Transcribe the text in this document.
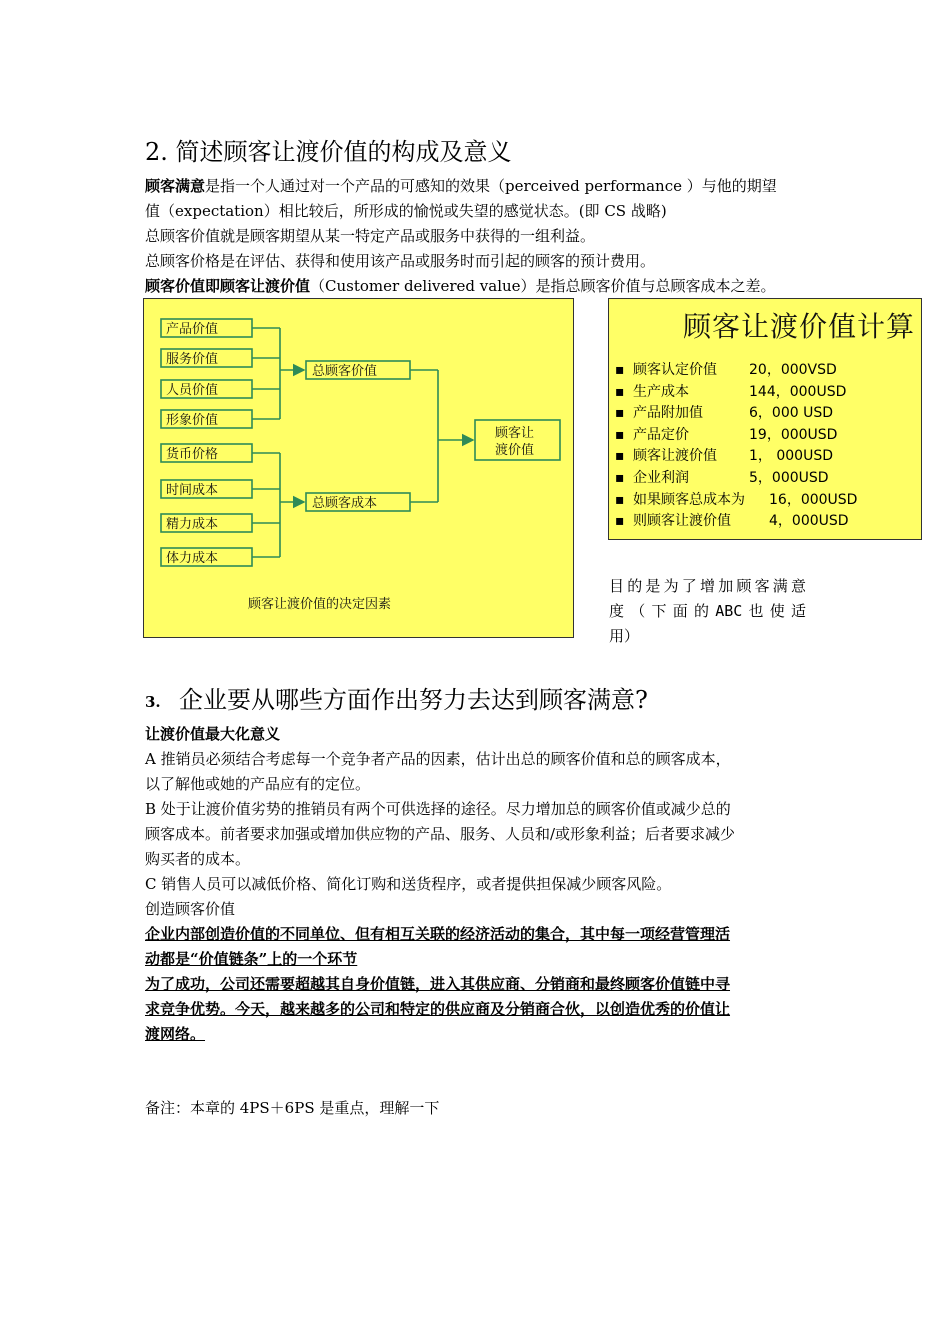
2. 简述顾客让渡价值的构成及意义
顾客满意是指一个人通过对一个产品的可感知的效果（perceived performance ）与他的期望
值（expectation）相比较后，所形成的愉悦或失望的感觉状态。(即 CS 战略)
总顾客价值就是顾客期望从某一特定产品或服务中获得的一组利益。
总顾客价格是在评估、获得和使用该产品或服务时而引起的顾客的预计费用。
顾客价值即顾客让渡价值（Customer delivered value）是指总顾客价值与总顾客成本之差。
产品价值
服务价值
人员价值
形象价值
货币价格
时间成本
精力成本
体力成本
总顾客价值
总顾客成本
顾客让
渡价值
顾客让渡价值的决定因素
顾客让渡价值计算
▪ 顾客认定价值 20，000VSD
▪ 生产成本	144，000USD
▪ 产品附加值	6，000 USD
▪ 产品定价	19，000USD
▪ 顾客让渡价值 1， 000USD
▪ 企业利润	5，000USD
▪ 如果顾客总成本为 16，000USD
▪ 则顾客让渡价值	4，000USD
目的是为了增加顾客满意
度（下面的ABC也使适
用）
3. 企业要从哪些方面作出努力去达到顾客满意?
让渡价值最大化意义
A 推销员必须结合考虑每一个竞争者产品的因素，估计出总的顾客价值和总的顾客成本，
以了解他或她的产品应有的定位。
B 处于让渡价值劣势的推销员有两个可供选择的途径。尽力增加总的顾客价值或减少总的
顾客成本。前者要求加强或增加供应物的产品、服务、人员和/或形象利益；后者要求减少
购买者的成本。
C 销售人员可以减低价格、简化订购和送货程序，或者提供担保减少顾客风险。
创造顾客价值
企业内部创造价值的不同单位、但有相互关联的经济活动的集合，其中每一项经营管理活
动都是“价值链条”上的一个环节
为了成功，公司还需要超越其自身价值链，进入其供应商、分销商和最终顾客价值链中寻
求竞争优势。今天，越来越多的公司和特定的供应商及分销商合伙，以创造优秀的价值让
渡网络。
备注：本章的 4PS＋6PS 是重点，理解一下
